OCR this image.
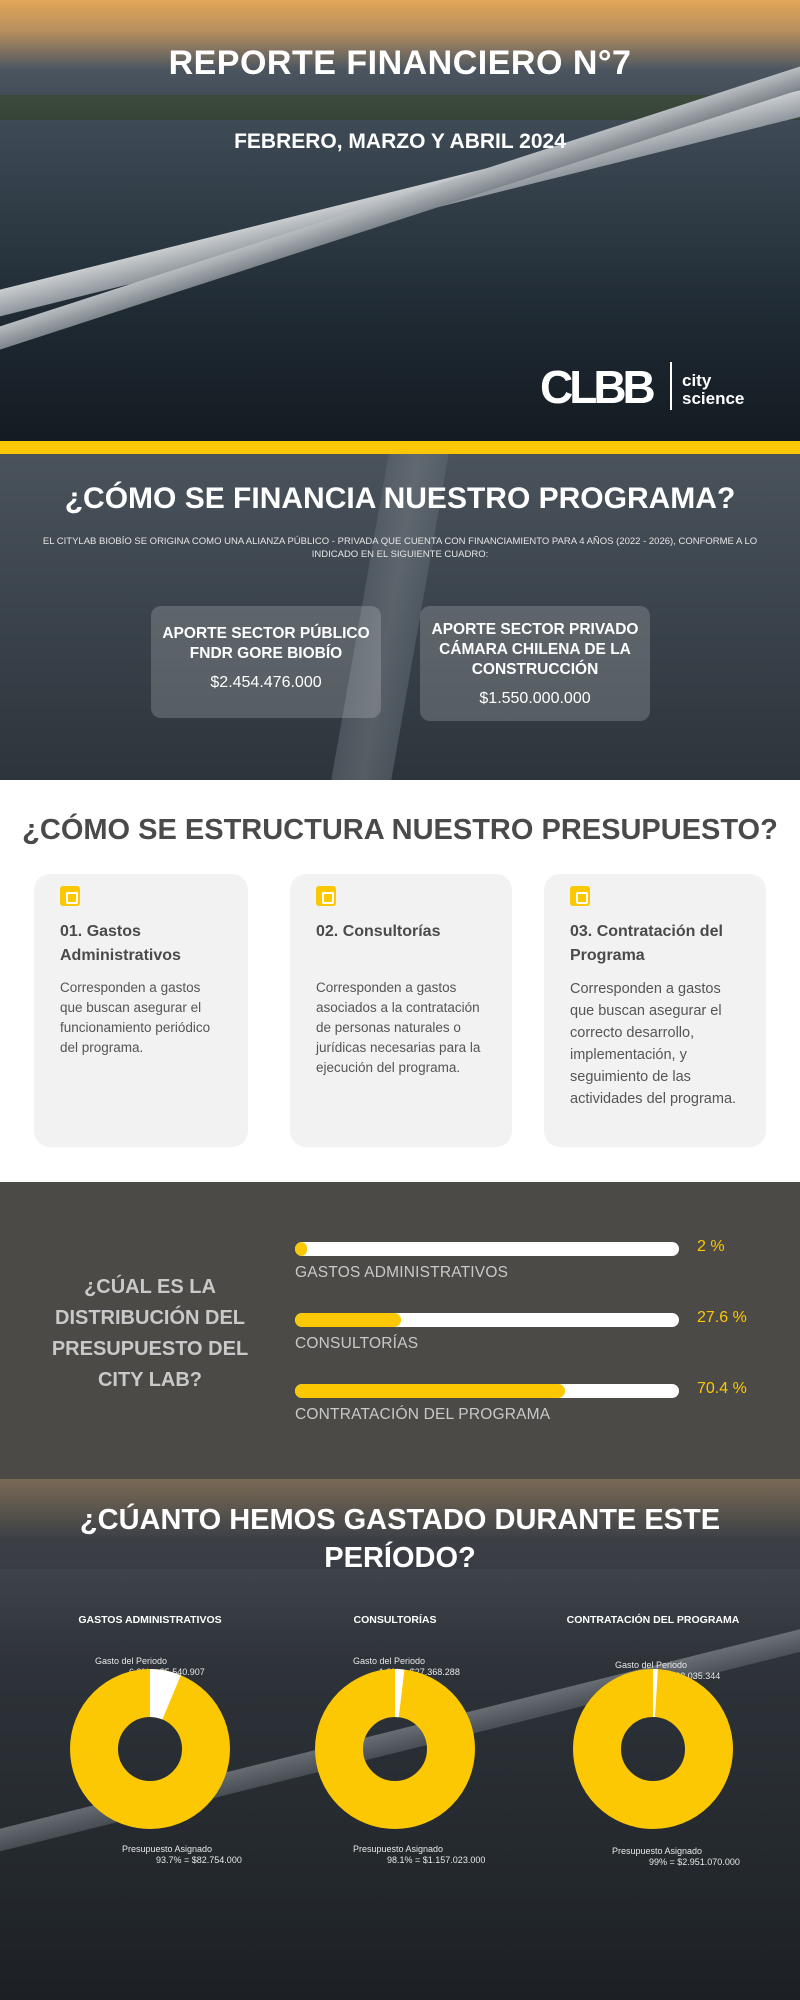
REPORTE FINANCIERO N°7
FEBRERO, MARZO Y ABRIL 2024
CLBB city
science
¿CÓMO SE FINANCIA NUESTRO PROGRAMA?

EL CITYLAB BIOBÍO SE ORIGINA COMO UNA ALIANZA PÚBLICO - PRIVADA QUE CUENTA CON FINANCIAMIENTO PARA 4 AÑOS (2022 - 2026), CONFORME A LO INDICADO EN EL SIGUIENTE CUADRO:

APORTE SECTOR PÚBLICO
FNDR GORE BIOBÍO
$2.454.476.000
APORTE SECTOR PRIVADO
CÁMARA CHILENA DE LA
CONSTRUCCIÓN
$1.550.000.000
¿CÓMO SE ESTRUCTURA NUESTRO PRESUPUESTO?
01. Gastos Administrativos
Corresponden a gastos que buscan asegurar el funcionamiento periódico del programa.
02. Consultorías
Corresponden a gastos asociados a la contratación de personas naturales o jurídicas necesarias para la ejecución del programa.
03. Contratación del Programa
Corresponden a gastos que buscan asegurar el correcto desarrollo, implementación, y seguimiento de las actividades del programa.
¿CÚAL ES LA DISTRIBUCIÓN DEL PRESUPUESTO DEL CITY LAB?
2 %
GASTOS ADMINISTRATIVOS
27.6 %
CONSULTORÍAS
70.4 %
CONTRATACIÓN DEL PROGRAMA
¿CÚANTO HEMOS GASTADO DURANTE ESTE PERÍODO?
GASTOS ADMINISTRATIVOS
Gasto del Periodo
6.3% = $5.540.907
Presupuesto Asignado
93.7% = $82.754.000
CONSULTORÍAS
Gasto del Periodo
1.9% = $27.368.288
Presupuesto Asignado
98.1% = $1.157.023.000
CONTRATACIÓN DEL PROGRAMA
Gasto del Periodo
1% = $22.035.344
Presupuesto Asignado
99% = $2.951.070.000
